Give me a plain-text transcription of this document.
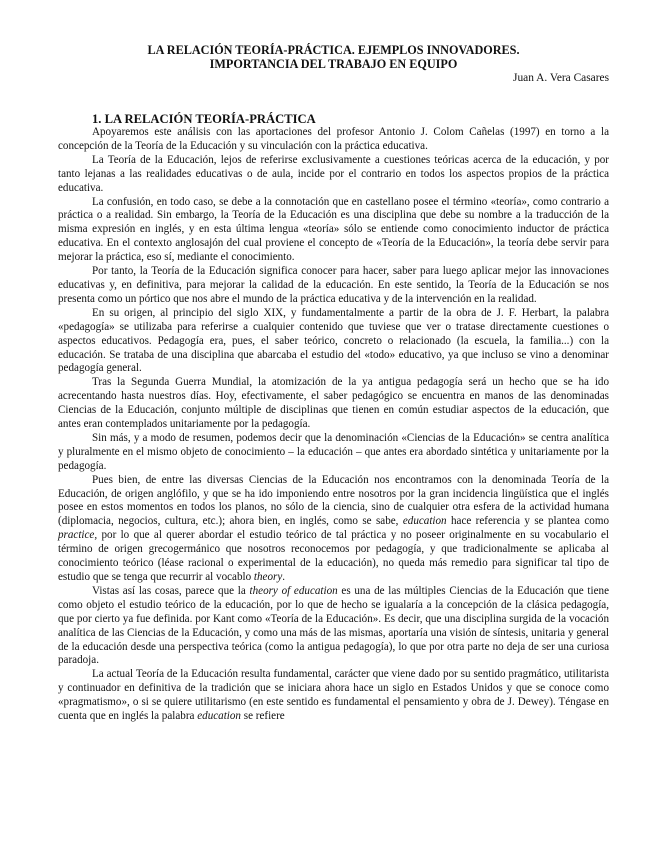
LA RELACIÓN TEORÍA-PRÁCTICA. EJEMPLOS INNOVADORES.

IMPORTANCIA DEL TRABAJO EN EQUIPO

Juan A. Vera Casares

1. LA RELACIÓN TEORÍA-PRÁCTICA

Apoyaremos este análisis con las aportaciones del profesor Antonio J. Colom Cañelas (1997) en torno a la concepción de la Teoría de la Educación y su vinculación con la práctica educativa.

La Teoría de la Educación, lejos de referirse exclusivamente a cuestiones teóricas acerca de la educación, y por tanto lejanas a las realidades educativas o de aula, incide por el contrario en todos los aspectos propios de la práctica educativa.

La confusión, en todo caso, se debe a la connotación que en castellano posee el término «teoría», como contrario a práctica o a realidad. Sin embargo, la Teoría de la Educación es una disciplina que debe su nombre a la traducción de la misma expresión en inglés, y en esta última lengua «teoría» sólo se entiende como conocimiento inductor de práctica educativa. En el contexto anglosajón del cual proviene el concepto de «Teoría de la Educación», la teoría debe servir para mejorar la práctica, eso sí, mediante el conocimiento.

Por tanto, la Teoría de la Educación significa conocer para hacer, saber para luego aplicar mejor las innovaciones educativas y, en definitiva, para mejorar la calidad de la educación. En este sentido, la Teoría de la Educación se nos presenta como un pórtico que nos abre el mundo de la práctica educativa y de la intervención en la realidad.

En su origen, al principio del siglo XIX, y fundamentalmente a partir de la obra de J. F. Herbart, la palabra «pedagogía» se utilizaba para referirse a cualquier contenido que tuviese que ver o tratase directamente cuestiones o aspectos educativos. Pedagogía era, pues, el saber teórico, concreto o relacionado (la escuela, la familia...) con la educación. Se trataba de una disciplina que abarcaba el estudio del «todo» educativo, ya que incluso se vino a denominar pedagogía general.

Tras la Segunda Guerra Mundial, la atomización de la ya antigua pedagogía será un hecho que se ha ido acrecentando hasta nuestros días. Hoy, efectivamente, el saber pedagógico se encuentra en manos de las denominadas Ciencias de la Educación, conjunto múltiple de disciplinas que tienen en común estudiar aspectos de la educación, que antes eran contemplados unitariamente por la pedagogía.

Sin más, y a modo de resumen, podemos decir que la denominación «Ciencias de la Educación» se centra analítica y pluralmente en el mismo objeto de conocimiento – la educación – que antes era abordado sintética y unitariamente por la pedagogía.

Pues bien, de entre las diversas Ciencias de la Educación nos encontramos con la denominada Teoría de la Educación, de origen anglófilo, y que se ha ido imponiendo entre nosotros por la gran incidencia lingüística que el inglés posee en estos momentos en todos los planos, no sólo de la ciencia, sino de cualquier otra esfera de la actividad humana (diplomacia, negocios, cultura, etc.); ahora bien, en inglés, como se sabe, education hace referencia y se plantea como practice, por lo que al querer abordar el estudio teórico de tal práctica y no poseer originalmente en su vocabulario el término de origen grecogermánico que nosotros reconocemos por pedagogía, y que tradicionalmente se aplicaba al conocimiento teórico (léase racional o experimental de la educación), no queda más remedio para significar tal tipo de estudio que se tenga que recurrir al vocablo theory.

Vistas así las cosas, parece que la theory of education es una de las múltiples Ciencias de la Educación que tiene como objeto el estudio teórico de la educación, por lo que de hecho se igualaría a la concepción de la clásica pedagogía, que por cierto ya fue definida. por Kant como «Teoría de la Educación». Es decir, que una disciplina surgida de la vocación analítica de las Ciencias de la Educación, y como una más de las mismas, aportaría una visión de síntesis, unitaria y general de la educación desde una perspectiva teórica (como la antigua pedagogía), lo que por otra parte no deja de ser una curiosa paradoja.

La actual Teoría de la Educación resulta fundamental, carácter que viene dado por su sentido pragmático, utilitarista y continuador en definitiva de la tradición que se iniciara ahora hace un siglo en Estados Unidos y que se conoce como «pragmatismo», o si se quiere utilitarismo (en este sentido es fundamental el pensamiento y obra de J. Dewey). Téngase en cuenta que en inglés la palabra education se refiere
